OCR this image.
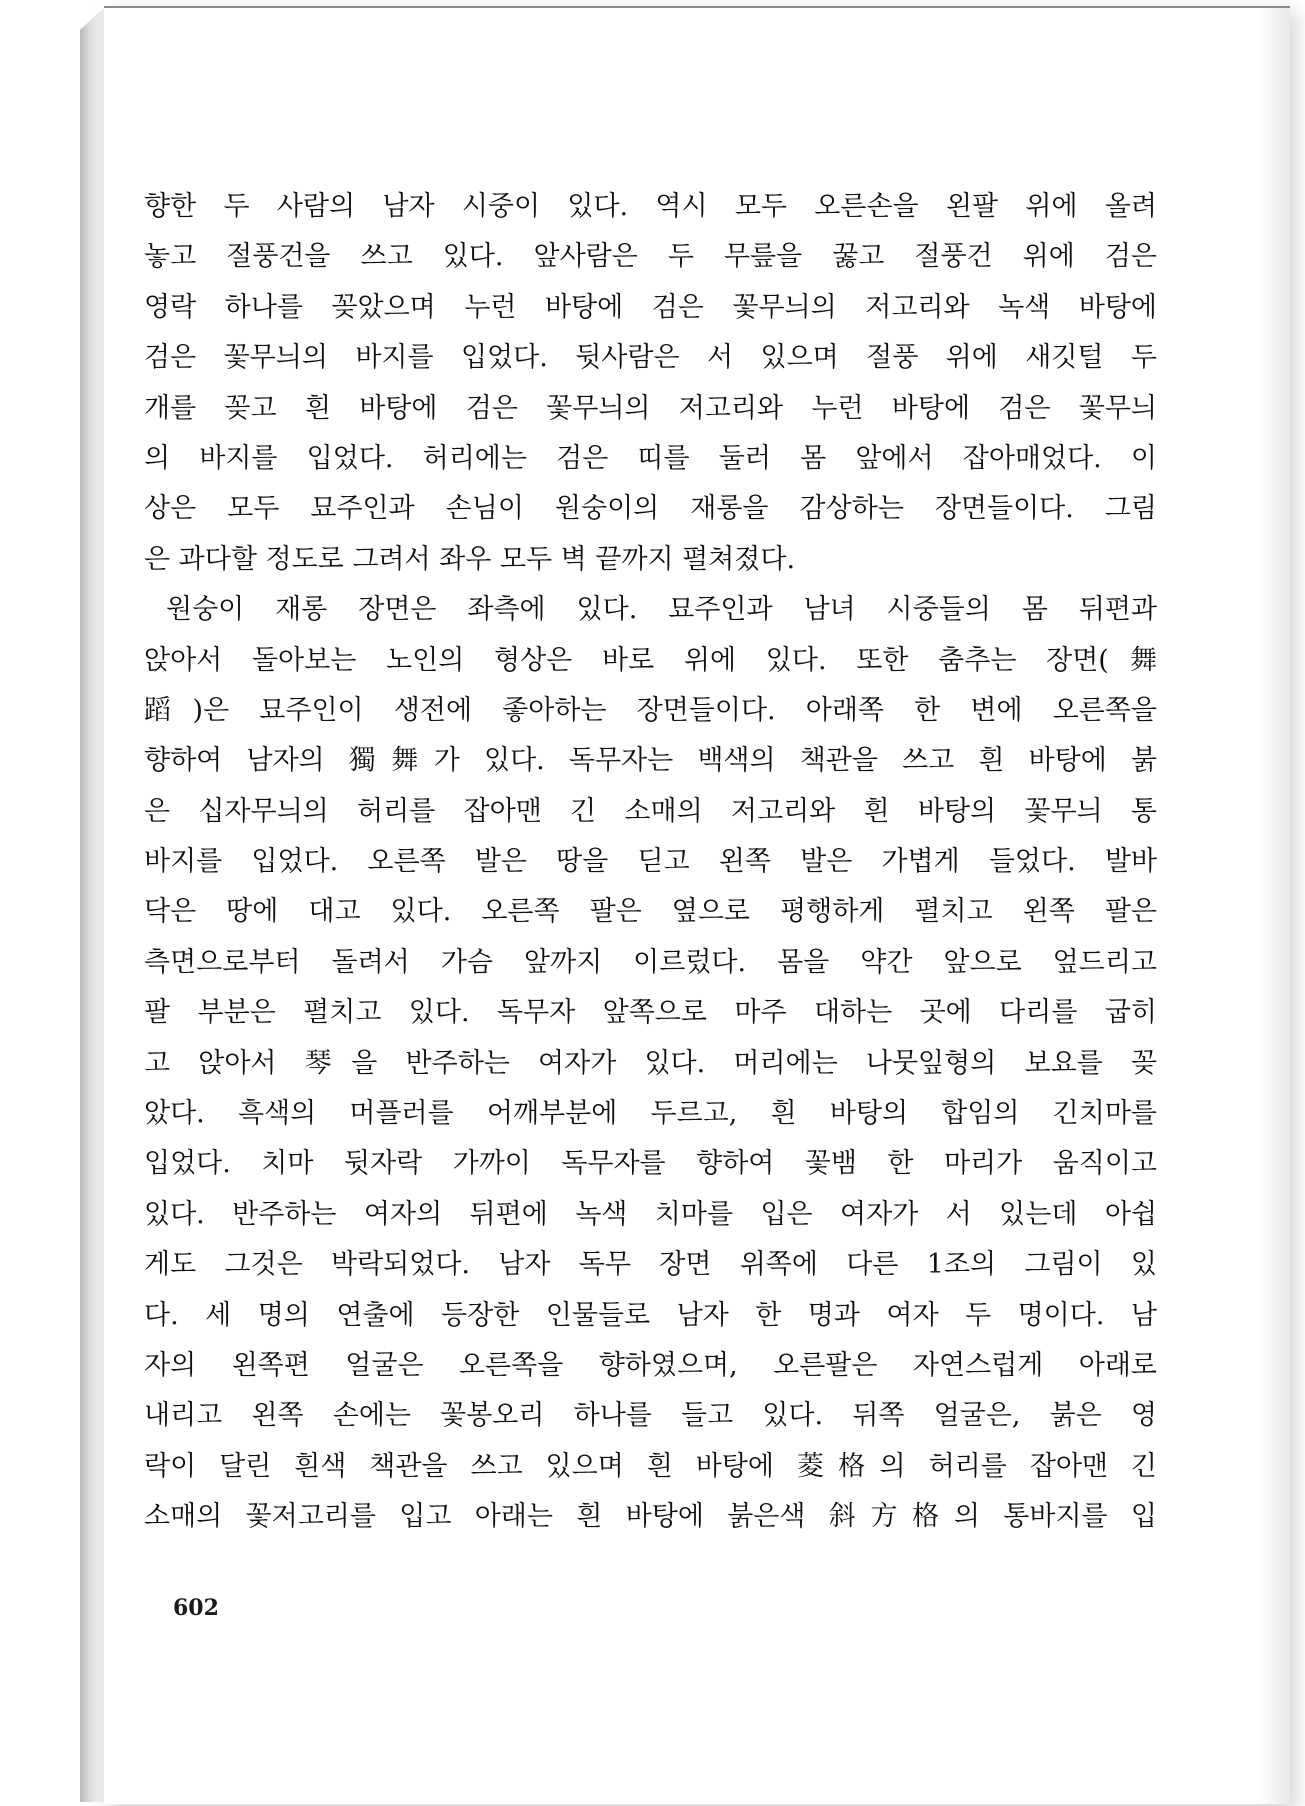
향한 두 사람의 남자 시중이 있다. 역시 모두 오른손을 왼팔 위에 올려
놓고 절풍건을 쓰고 있다. 앞사람은 두 무릎을 꿇고 절풍건 위에 검은
영락 하나를 꽂았으며 누런 바탕에 검은 꽃무늬의 저고리와 녹색 바탕에
검은 꽃무늬의 바지를 입었다. 뒷사람은 서 있으며 절풍 위에 새깃털 두
개를 꽂고 흰 바탕에 검은 꽃무늬의 저고리와 누런 바탕에 검은 꽃무늬
의 바지를 입었다. 허리에는 검은 띠를 둘러 몸 앞에서 잡아매었다. 이
상은 모두 묘주인과 손님이 원숭이의 재롱을 감상하는 장면들이다. 그림
은 과다할 정도로 그려서 좌우 모두 벽 끝까지 펼쳐졌다.
원숭이 재롱 장면은 좌측에 있다. 묘주인과 남녀 시중들의 몸 뒤편과
앉아서 돌아보는 노인의 형상은 바로 위에 있다. 또한 춤추는 장면(舞
蹈)은 묘주인이 생전에 좋아하는 장면들이다. 아래쪽 한 변에 오른쪽을
향하여 남자의 獨舞가 있다. 독무자는 백색의 책관을 쓰고 흰 바탕에 붉
은 십자무늬의 허리를 잡아맨 긴 소매의 저고리와 흰 바탕의 꽃무늬 통
바지를 입었다. 오른쪽 발은 땅을 딛고 왼쪽 발은 가볍게 들었다. 발바
닥은 땅에 대고 있다. 오른쪽 팔은 옆으로 평행하게 펼치고 왼쪽 팔은
측면으로부터 돌려서 가슴 앞까지 이르렀다. 몸을 약간 앞으로 엎드리고
팔 부분은 펼치고 있다. 독무자 앞쪽으로 마주 대하는 곳에 다리를 굽히
고 앉아서 琴을 반주하는 여자가 있다. 머리에는 나뭇잎형의 보요를 꽂
았다. 흑색의 머플러를 어깨부분에 두르고, 흰 바탕의 합임의 긴치마를
입었다. 치마 뒷자락 가까이 독무자를 향하여 꽃뱀 한 마리가 움직이고
있다. 반주하는 여자의 뒤편에 녹색 치마를 입은 여자가 서 있는데 아쉽
게도 그것은 박락되었다. 남자 독무 장면 위쪽에 다른 1조의 그림이 있
다. 세 명의 연출에 등장한 인물들로 남자 한 명과 여자 두 명이다. 남
자의 왼쪽편 얼굴은 오른쪽을 향하였으며, 오른팔은 자연스럽게 아래로
내리고 왼쪽 손에는 꽃봉오리 하나를 들고 있다. 뒤쪽 얼굴은, 붉은 영
락이 달린 흰색 책관을 쓰고 있으며 흰 바탕에 菱格의 허리를 잡아맨 긴
소매의 꽃저고리를 입고 아래는 흰 바탕에 붉은색 斜方格의 통바지를 입
602
